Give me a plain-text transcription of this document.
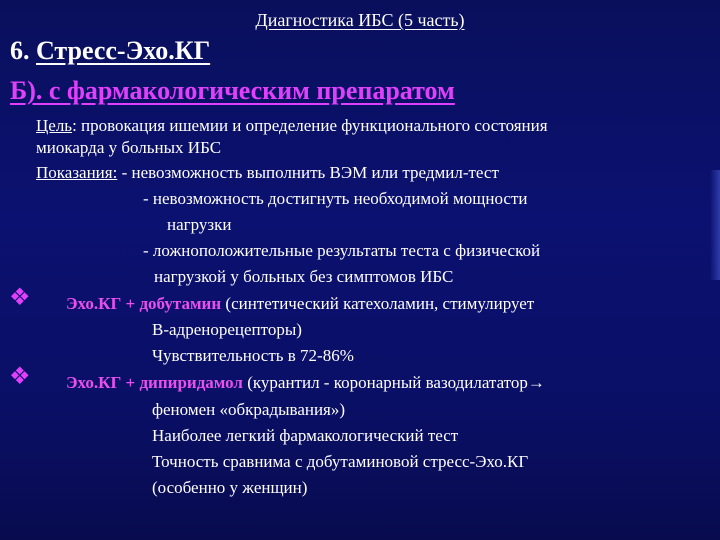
Диагностика ИБС (5 часть)
6. Стресс-Эхо.КГ
Б). с фармакологическим препаратом
Цель: провокация ишемии и определение функционального состояния
миокарда у больных ИБС
Показания: - невозможность выполнить ВЭМ или тредмил-тест
- невозможность достигнуть необходимой мощности
нагрузки
- ложноположительные результаты теста с физической
нагрузкой у больных без симптомов ИБС
❖ Эхо.КГ + добутамин (синтетический катехоламин, стимулирует
В-адренорецепторы)
Чувствительность в 72-86%
❖ Эхо.КГ + дипиридамол (курантил - коронарный вазодилататор→
феномен «обкрадывания»)
Наиболее легкий фармакологический тест
Точность сравнима с добутаминовой стресс-Эхо.КГ
(особенно у женщин)
